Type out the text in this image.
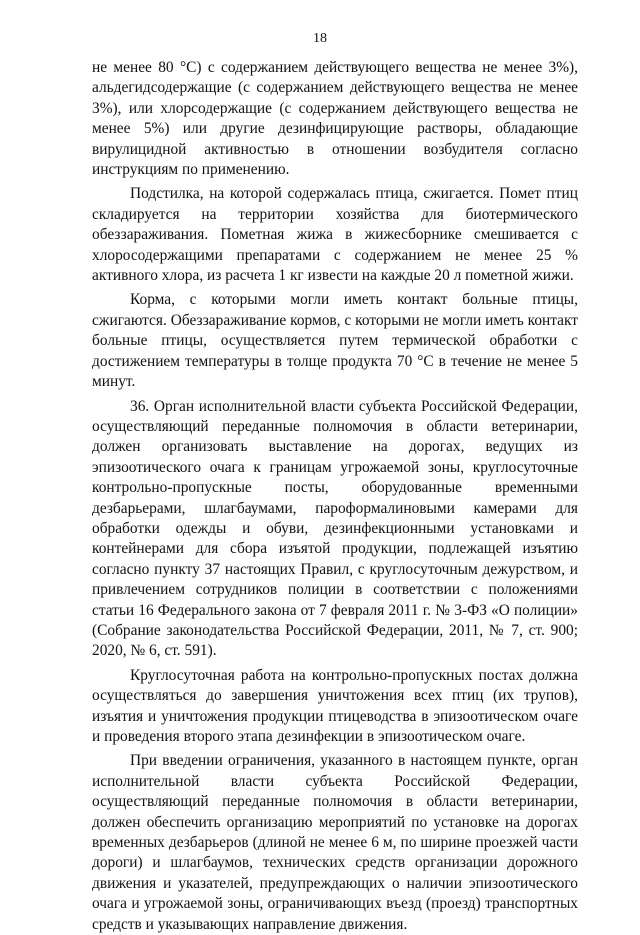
18

не менее 80 °С) с содержанием действующего вещества не менее 3%), альдегидсодержащие (с содержанием действующего вещества не менее 3%), или хлорсодержащие (с содержанием действующего вещества не менее 5%) или другие дезинфицирующие растворы, обладающие вирулицидной активностью в отношении возбудителя согласно инструкциям по применению.

Подстилка, на которой содержалась птица, сжигается. Помет птиц складируется на территории хозяйства для биотермического обеззараживания. Пометная жижа в жижесборнике смешивается с хлоросодержащими препаратами с содержанием не менее 25 % активного хлора, из расчета 1 кг извести на каждые 20 л пометной жижи.

Корма, с которыми могли иметь контакт больные птицы, сжигаются. Обеззараживание кормов, с которыми не могли иметь контакт больные птицы, осуществляется путем термической обработки с достижением температуры в толще продукта 70 °С в течение не менее 5 минут.

36. Орган исполнительной власти субъекта Российской Федерации, осуществляющий переданные полномочия в области ветеринарии, должен организовать выставление на дорогах, ведущих из эпизоотического очага к границам угрожаемой зоны, круглосуточные контрольно-пропускные посты, оборудованные временными дезбарьерами, шлагбаумами, пароформалиновыми камерами для обработки одежды и обуви, дезинфекционными установками и контейнерами для сбора изъятой продукции, подлежащей изъятию согласно пункту 37 настоящих Правил, с круглосуточным дежурством, и привлечением сотрудников полиции в соответствии с положениями статьи 16 Федерального закона от 7 февраля 2011 г. № 3-ФЗ «О полиции» (Собрание законодательства Российской Федерации, 2011, № 7, ст. 900; 2020, № 6, ст. 591).

Круглосуточная работа на контрольно-пропускных постах должна осуществляться до завершения уничтожения всех птиц (их трупов), изъятия и уничтожения продукции птицеводства в эпизоотическом очаге и проведения второго этапа дезинфекции в эпизоотическом очаге.

При введении ограничения, указанного в настоящем пункте, орган исполнительной власти субъекта Российской Федерации, осуществляющий переданные полномочия в области ветеринарии, должен обеспечить организацию мероприятий по установке на дорогах временных дезбарьеров (длиной не менее 6 м, по ширине проезжей части дороги) и шлагбаумов, технических средств организации дорожного движения и указателей, предупреждающих о наличии эпизоотического очага и угрожаемой зоны, ограничивающих въезд (проезд) транспортных средств и указывающих направление движения.
